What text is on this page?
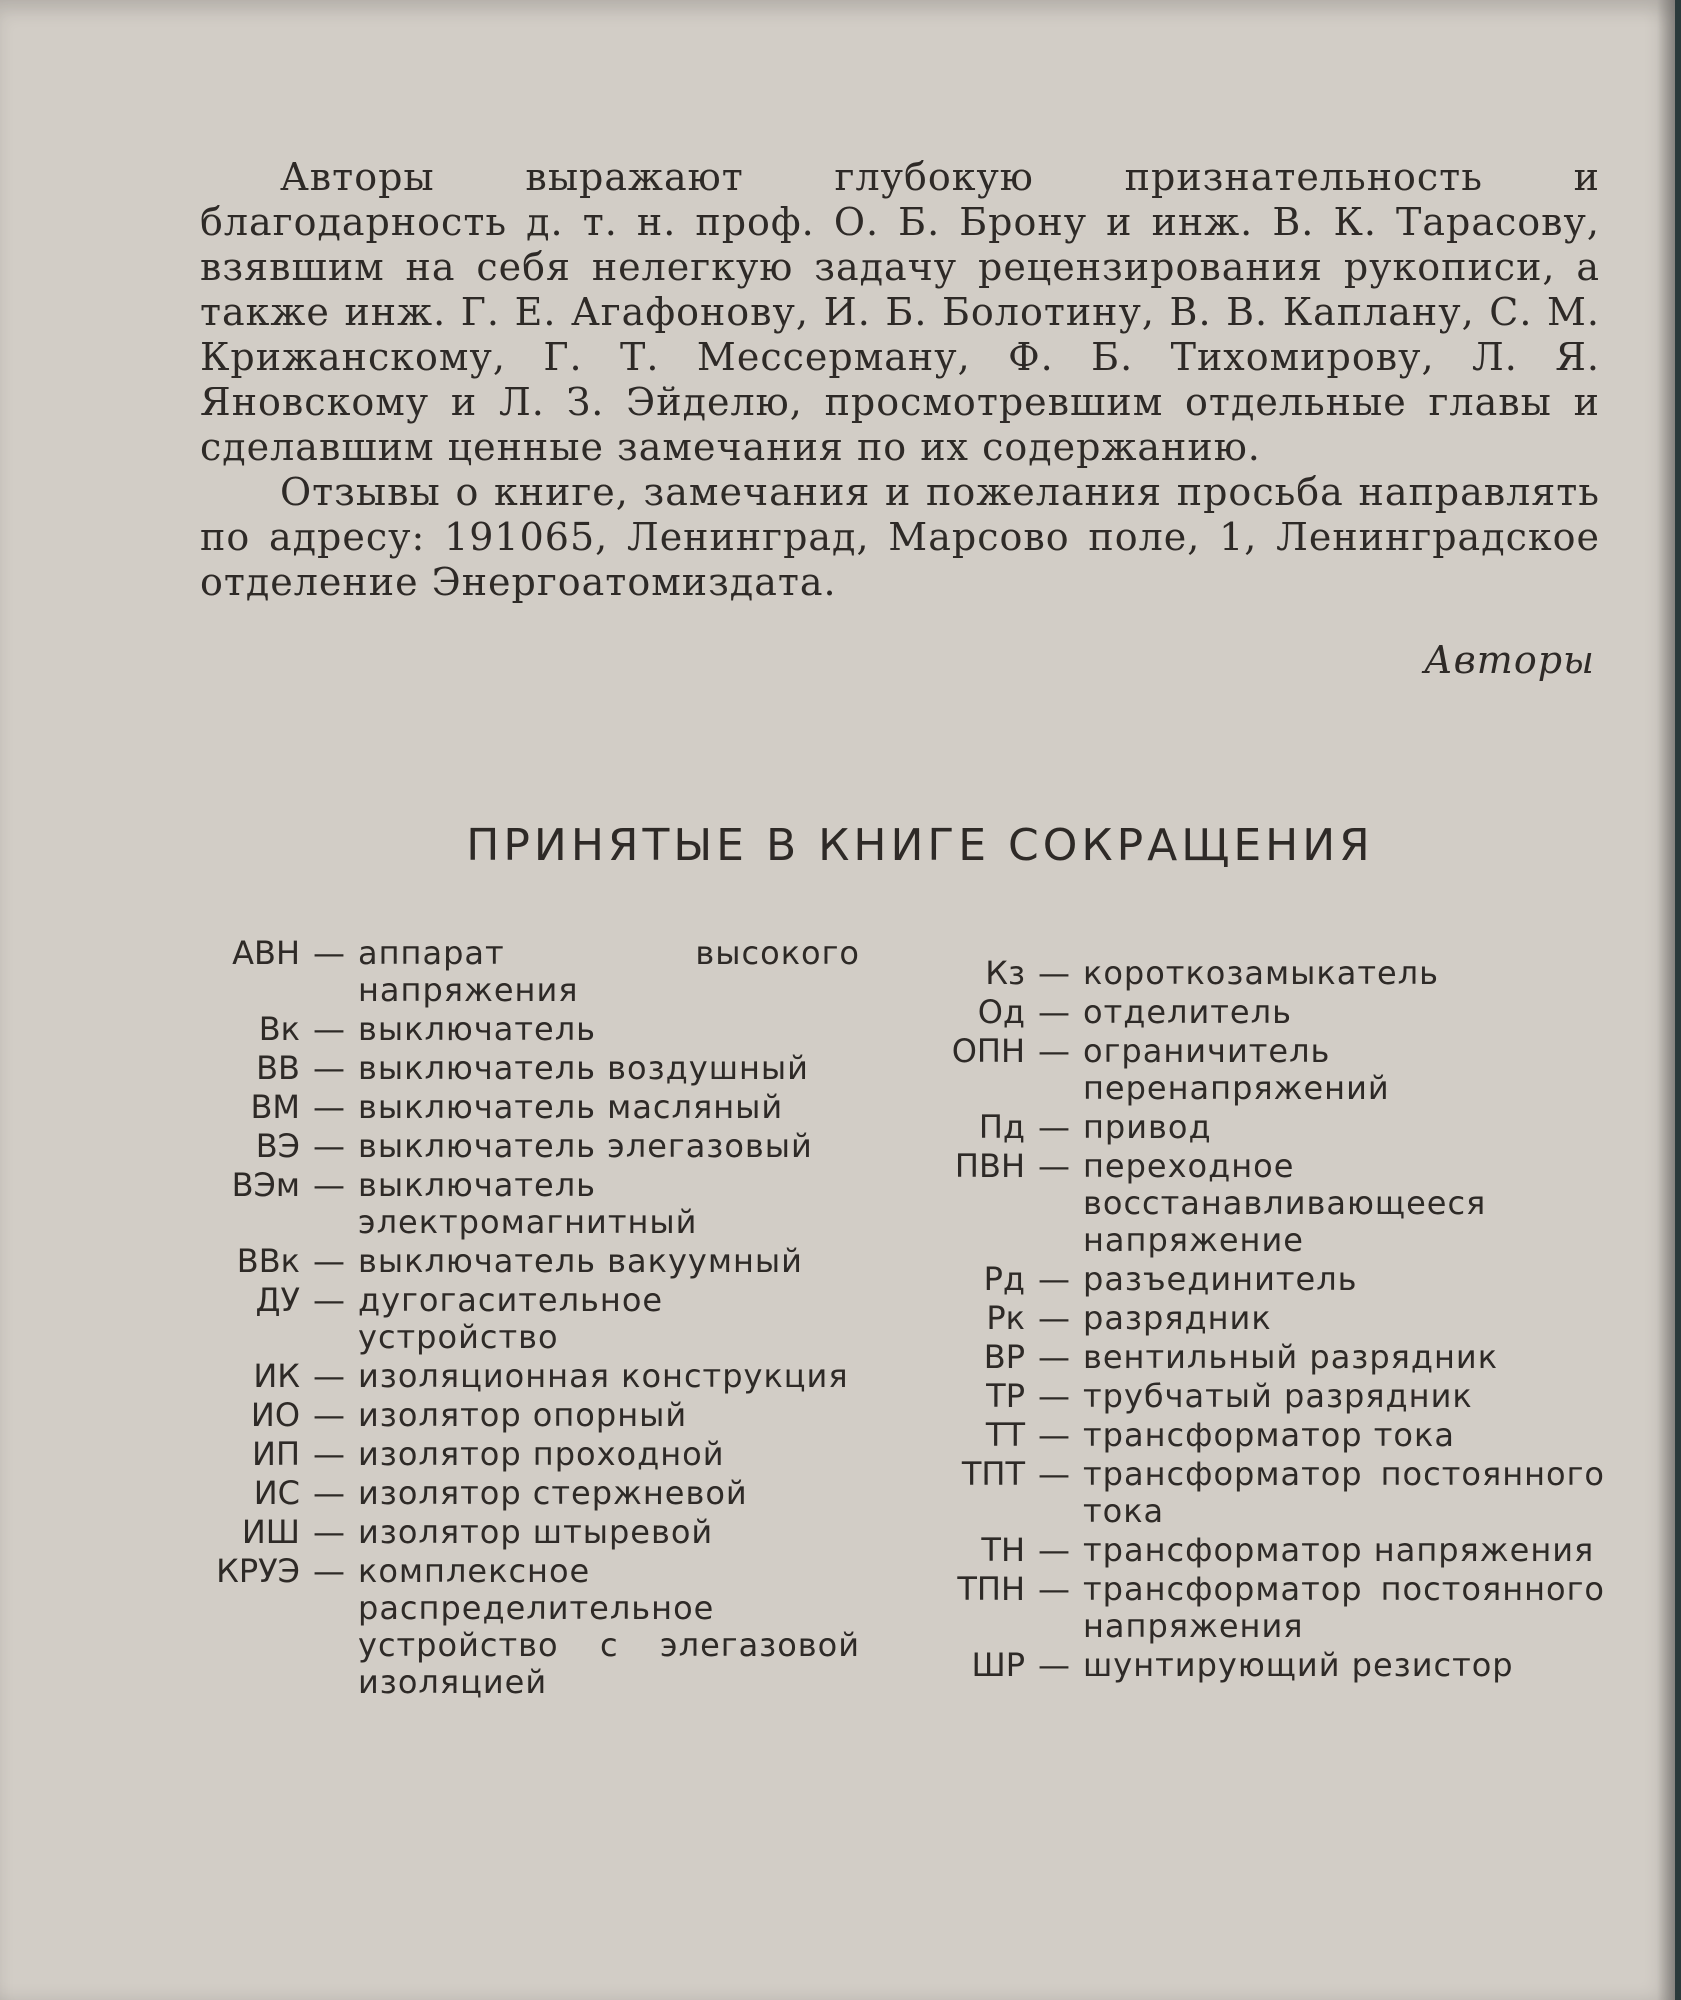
Авторы выражают глубокую признательность и благодарность д. т. н. проф. О. Б. Брону и инж. В. К. Тарасову, взявшим на себя нелегкую задачу рецензирования рукописи, а также инж. Г. Е. Агафонову, И. Б. Болотину, В. В. Каплану, С. М. Крижанскому, Г. Т. Мессерману, Ф. Б. Тихомирову, Л. Я. Яновскому и Л. З. Эйделю, просмотревшим отдельные главы и сделавшим ценные замечания по их содержанию.

Отзывы о книге, замечания и пожелания просьба направлять по адресу: 191065, Ленинград, Марсово поле, 1, Ленинградское отделение Энергоатомиздата.

Авторы
ПРИНЯТЫЕ В КНИГЕ СОКРАЩЕНИЯ
АВН — аппарат высокого напряжения
Вк — выключатель
ВВ — выключатель воздушный
ВМ — выключатель масляный
ВЭ — выключатель элегазовый
ВЭм — выключатель электромагнитный
ВВк — выключатель вакуумный
ДУ — дугогасительное устройство
ИК — изоляционная конструкция
ИО — изолятор опорный
ИП — изолятор проходной
ИС — изолятор стержневой
ИШ — изолятор штыревой
КРУЭ — комплексное распределительное устройство с элегазовой изоляцией
Кз — короткозамыкатель
Од — отделитель
ОПН — ограничитель перенапряжений
Пд — привод
ПВН — переходное восстанавливающееся напряжение
Рд — разъединитель
Рк — разрядник
ВР — вентильный разрядник
ТР — трубчатый разрядник
ТТ — трансформатор тока
ТПТ — трансформатор постоянного тока
ТН — трансформатор напряжения
ТПН — трансформатор постоянного напряжения
ШР — шунтирующий резистор
